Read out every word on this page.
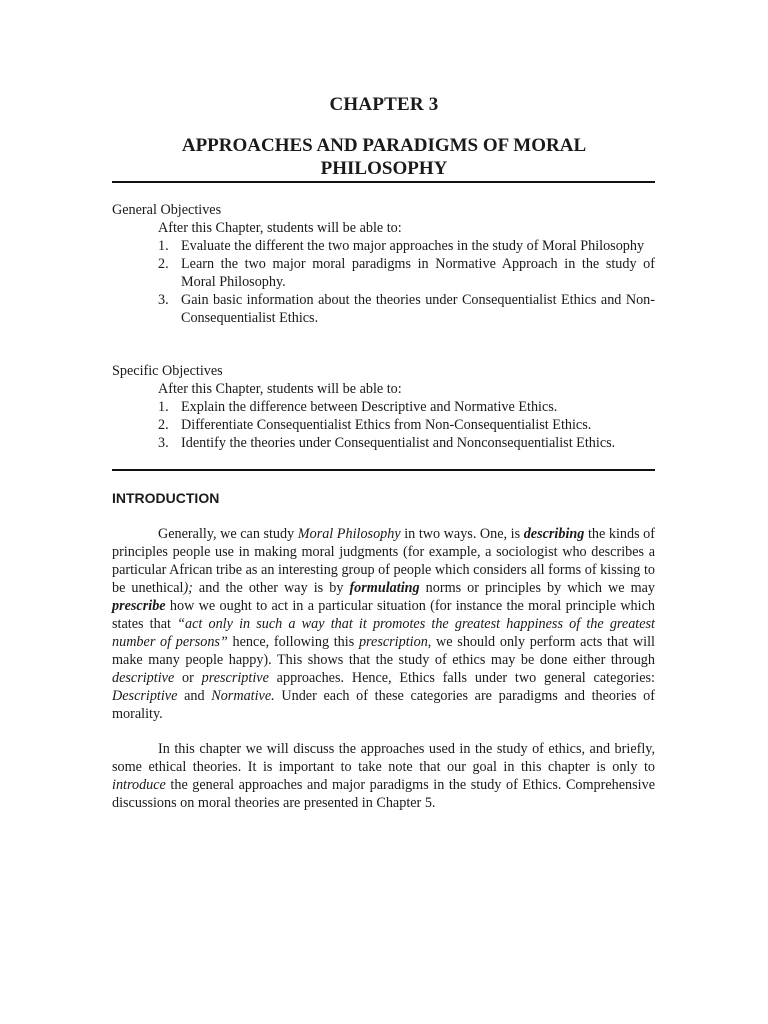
CHAPTER 3
APPROACHES AND PARADIGMS OF MORAL PHILOSOPHY

General Objectives

After this Chapter, students will be able to:

1. Evaluate the different the two major approaches in the study of Moral Philosophy
2. Learn the two major moral paradigms in Normative Approach in the study of Moral Philosophy.
3. Gain basic information about the theories under Consequentialist Ethics and Non-Consequentialist Ethics.

Specific Objectives

After this Chapter, students will be able to:

1. Explain the difference between Descriptive and Normative Ethics.
2. Differentiate Consequentialist Ethics from Non-Consequentialist Ethics.
3. Identify the theories under Consequentialist and Nonconsequentialist Ethics.
INTRODUCTION

Generally, we can study Moral Philosophy in two ways. One, is describing the kinds of principles people use in making moral judgments (for example, a sociologist who describes a particular African tribe as an interesting group of people which considers all forms of kissing to be unethical); and the other way is by formulating norms or principles by which we may prescribe how we ought to act in a particular situation (for instance the moral principle which states that “act only in such a way that it promotes the greatest happiness of the greatest number of persons” hence, following this prescription, we should only perform acts that will make many people happy). This shows that the study of ethics may be done either through descriptive or prescriptive approaches. Hence, Ethics falls under two general categories: Descriptive and Normative. Under each of these categories are paradigms and theories of morality.

In this chapter we will discuss the approaches used in the study of ethics, and briefly, some ethical theories. It is important to take note that our goal in this chapter is only to introduce the general approaches and major paradigms in the study of Ethics. Comprehensive discussions on moral theories are presented in Chapter 5.
